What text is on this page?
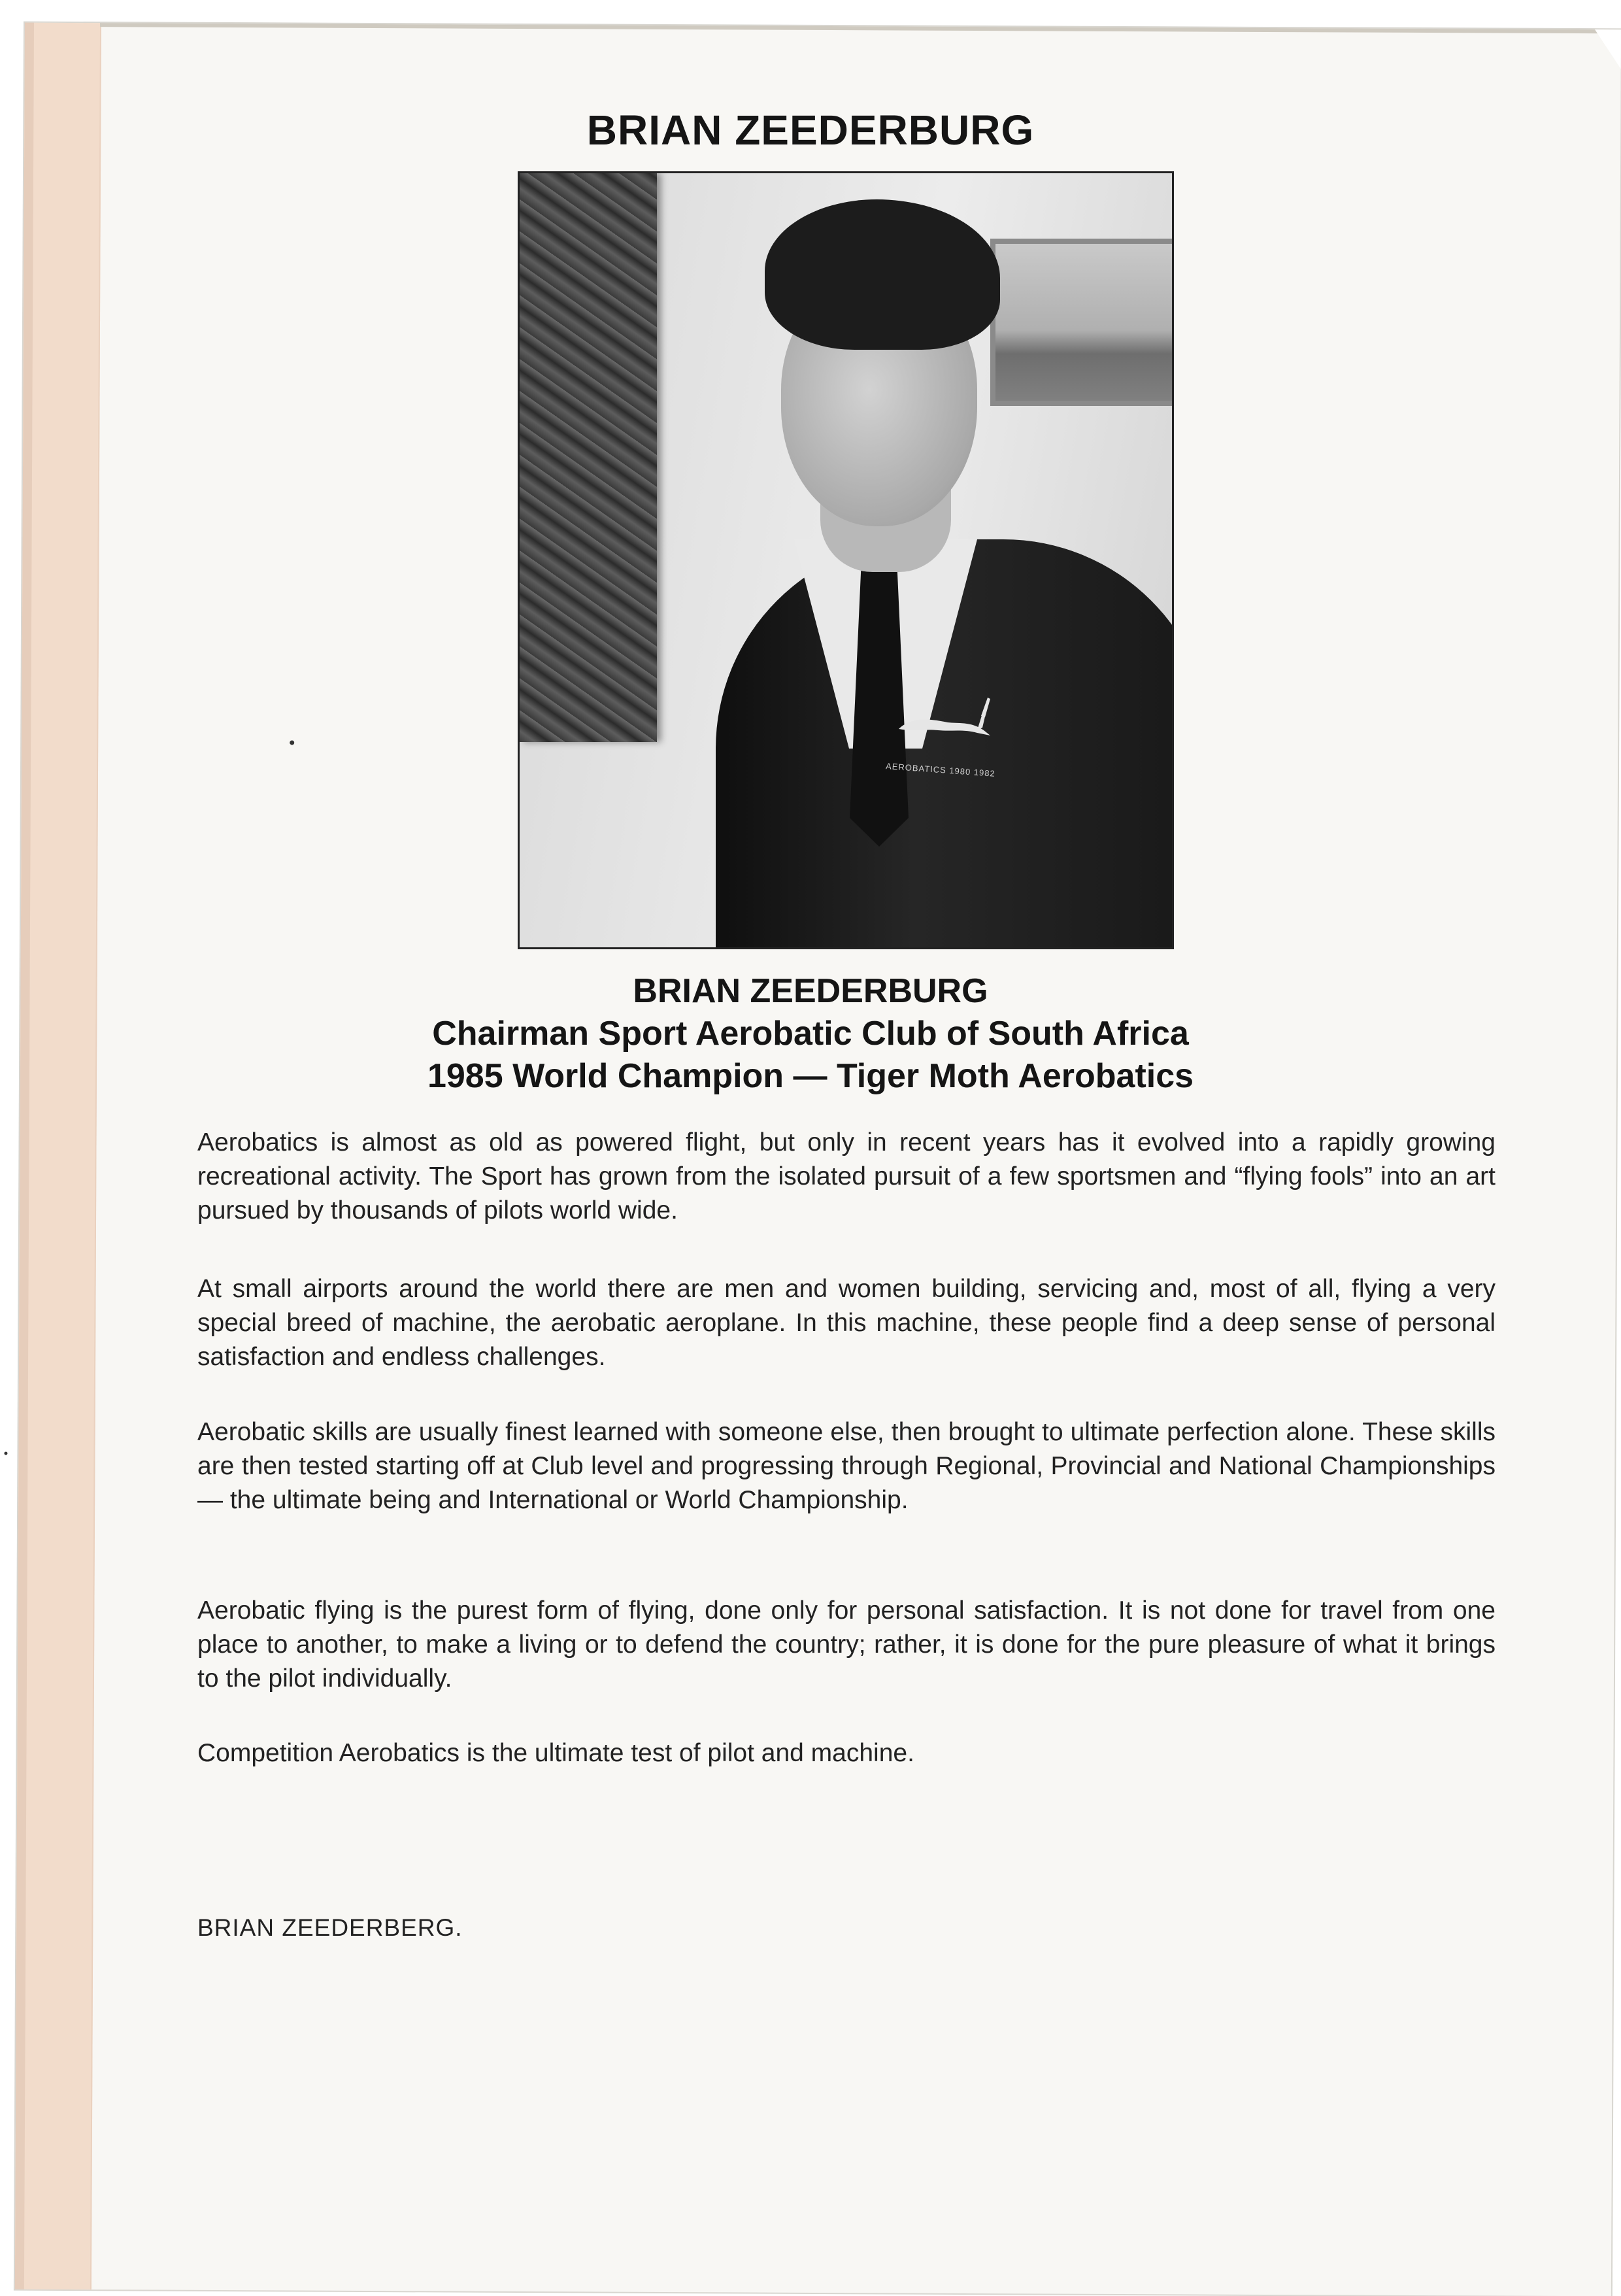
BRIAN ZEEDERBURG
AEROBATICS 1980 1982
BRIAN ZEEDERBURG
Chairman Sport Aerobatic Club of South Africa
1985 World Champion — Tiger Moth Aerobatics

Aerobatics is almost as old as powered flight, but only in recent years has it evolved into a rapidly growing recreational activity. The Sport has grown from the isolated pursuit of a few sportsmen and “flying fools” into an art pursued by thousands of pilots world wide.

At small airports around the world there are men and women building, servicing and, most of all, flying a very special breed of machine, the aerobatic aeroplane. In this machine, these people find a deep sense of personal satisfaction and endless challenges.

Aerobatic skills are usually finest learned with someone else, then brought to ultimate perfection alone. These skills are then tested starting off at Club level and progressing through Regional, Provincial and National Championships — the ultimate being and International or World Championship.

Aerobatic flying is the purest form of flying, done only for personal satisfaction. It is not done for travel from one place to another, to make a living or to defend the country; rather, it is done for the pure pleasure of what it brings to the pilot individually.

Competition Aerobatics is the ultimate test of pilot and machine.

BRIAN ZEEDERBERG.
